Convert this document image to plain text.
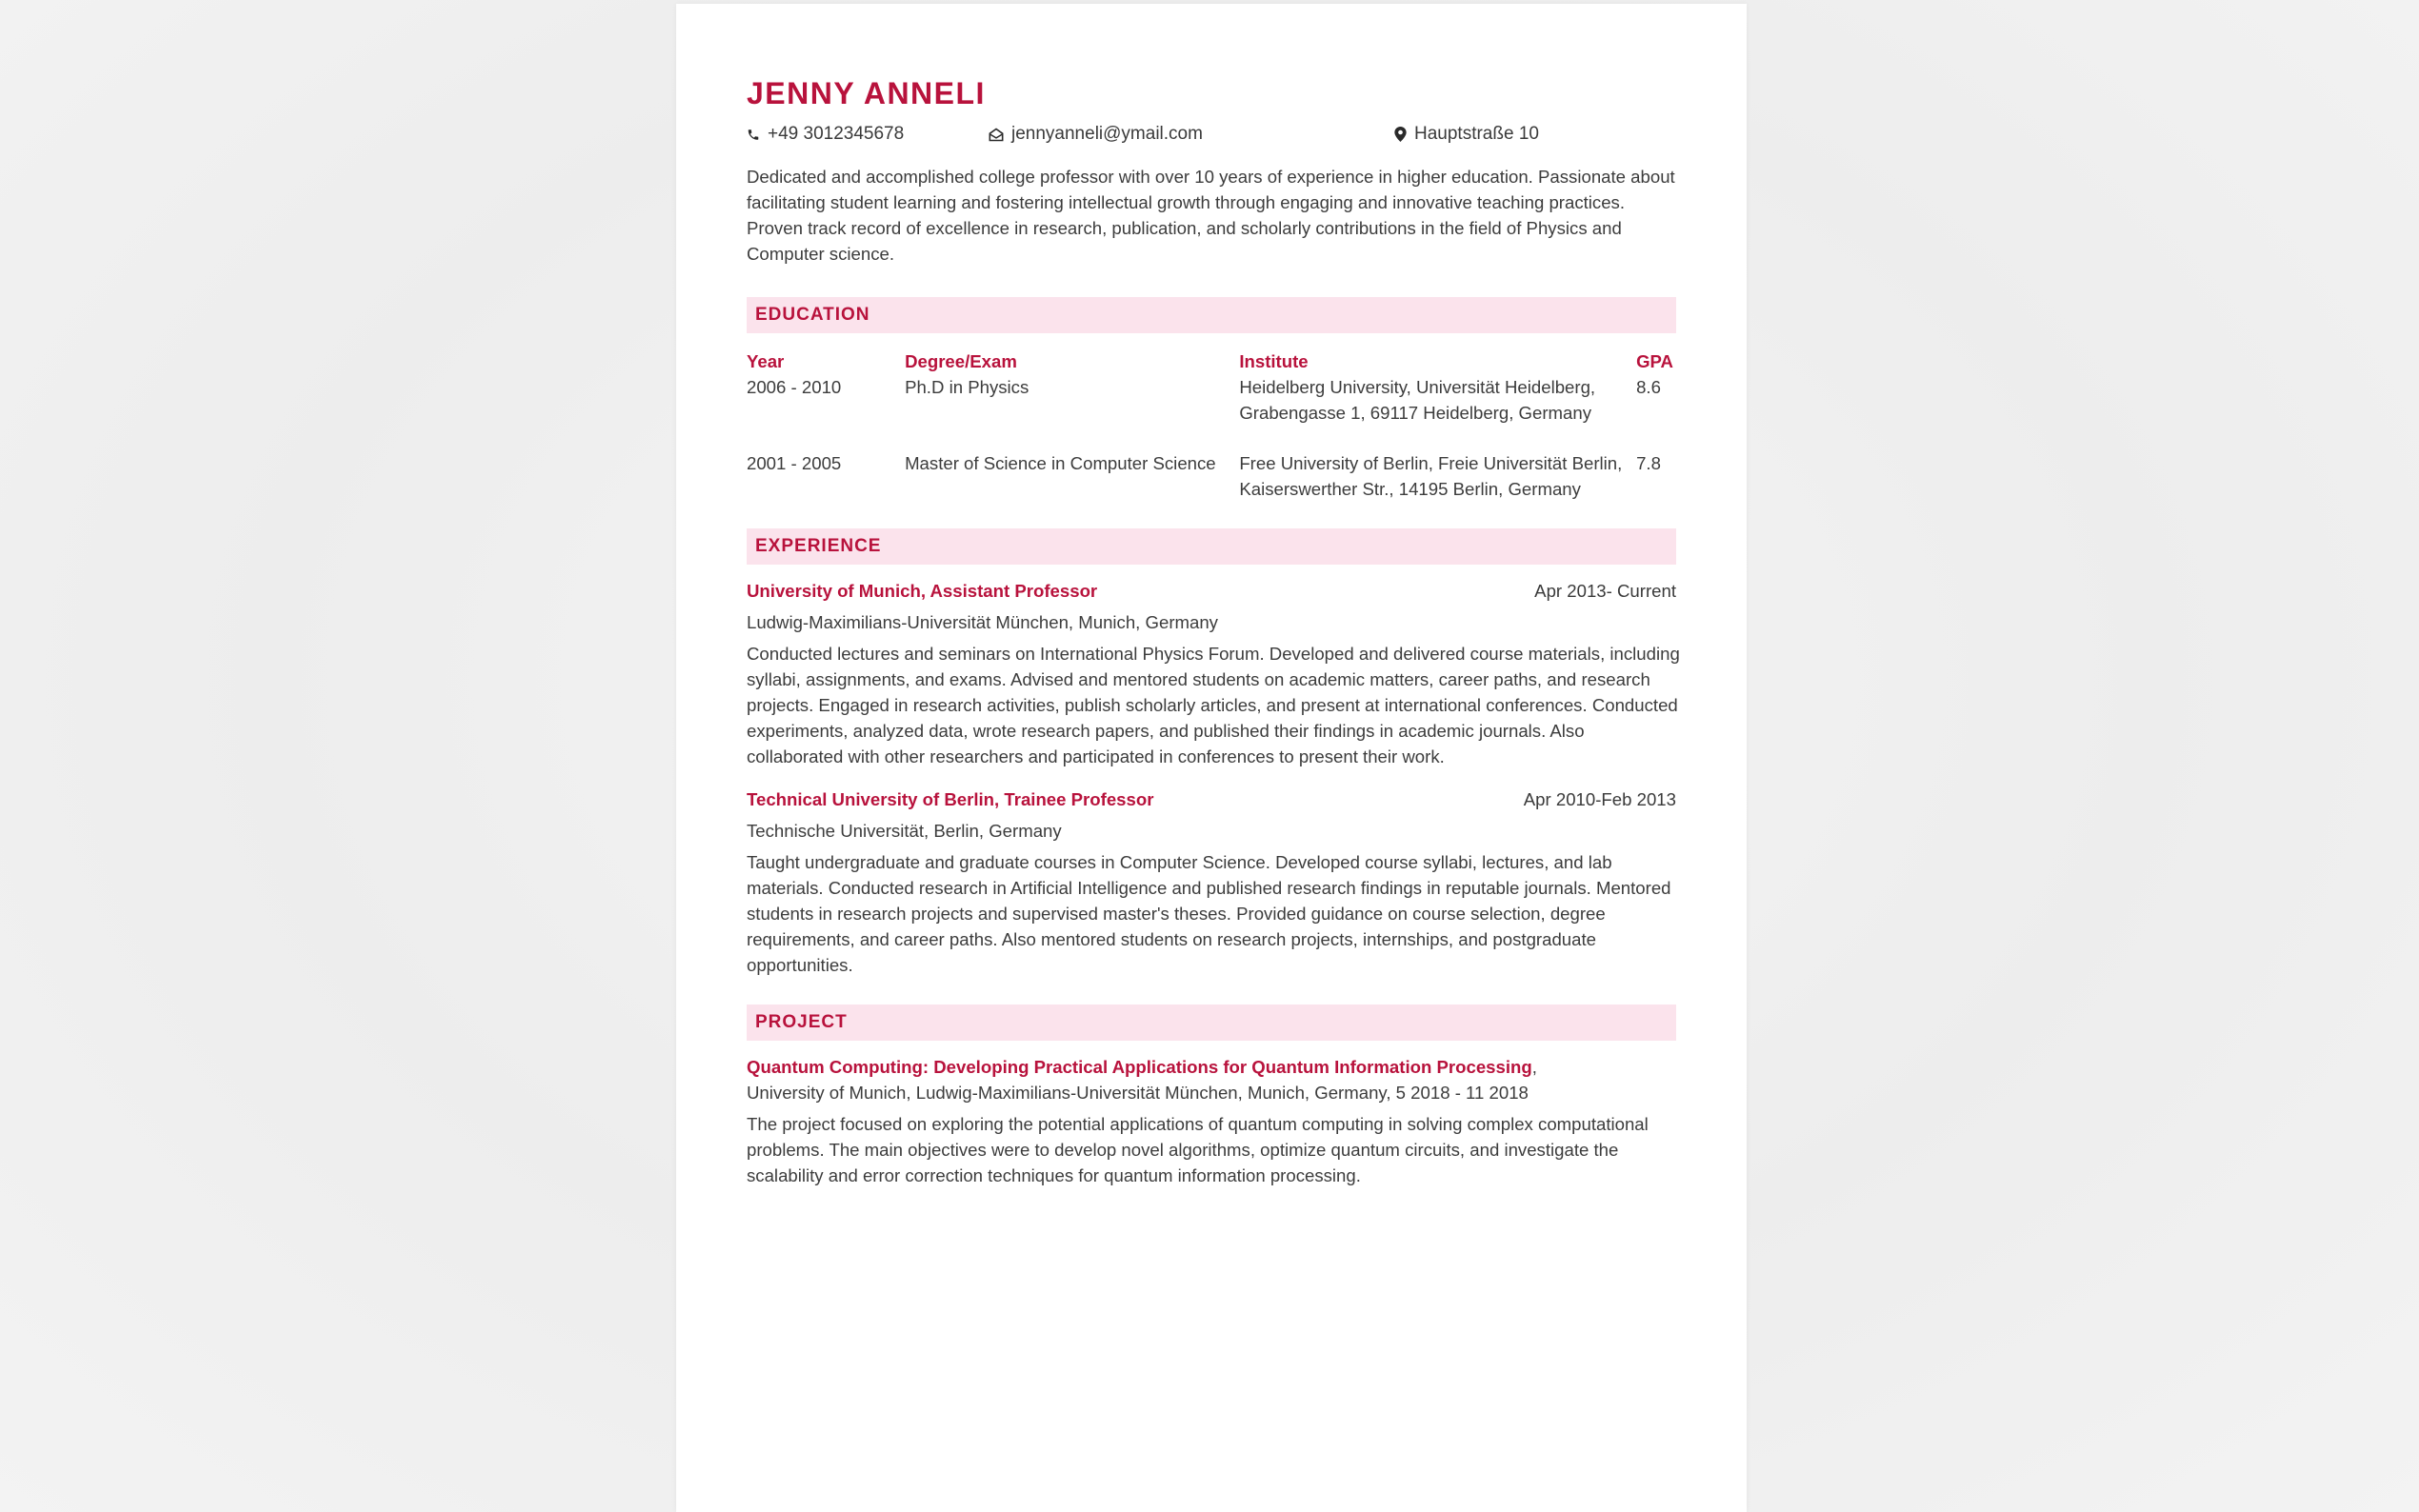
JENNY ANNELI
+49 3012345678	jennyanneli@ymail.com	Hauptstraße 10

Dedicated and accomplished college professor with over 10 years of experience in higher education. Passionate about facilitating student learning and fostering intellectual growth through engaging and innovative teaching practices. Proven track record of excellence in research, publication, and scholarly contributions in the field of Physics and Computer science.

EDUCATION
Year	Degree/Exam	Institute	GPA
2006 - 2010	Ph.D in Physics	Heidelberg University, Universität Heidelberg, Grabengasse 1, 69117 Heidelberg, Germany	8.6
2001 - 2005	Master of Science in Computer Science	Free University of Berlin, Freie Universität Berlin, Kaiserswerther Str., 14195 Berlin, Germany	7.8
EXPERIENCE
University of Munich, Assistant Professor	Apr 2013- Current
Ludwig-Maximilians-Universität München, Munich, Germany
Conducted lectures and seminars on International Physics Forum. Developed and delivered course materials, including syllabi, assignments, and exams. Advised and mentored students on academic matters, career paths, and research projects. Engaged in research activities, publish scholarly articles, and present at international conferences. Conducted experiments, analyzed data, wrote research papers, and published their findings in academic journals. Also collaborated with other researchers and participated in conferences to present their work.
Technical University of Berlin, Trainee Professor	Apr 2010-Feb 2013
Technische Universität, Berlin, Germany
Taught undergraduate and graduate courses in Computer Science. Developed course syllabi, lectures, and lab materials. Conducted research in Artificial Intelligence and published research findings in reputable journals. Mentored students in research projects and supervised master's theses. Provided guidance on course selection, degree requirements, and career paths. Also mentored students on research projects, internships, and postgraduate opportunities.
PROJECT
Quantum Computing: Developing Practical Applications for Quantum Information Processing,
University of Munich, Ludwig-Maximilians-Universität München, Munich, Germany, 5 2018 - 11 2018
The project focused on exploring the potential applications of quantum computing in solving complex computational problems. The main objectives were to develop novel algorithms, optimize quantum circuits, and investigate the scalability and error correction techniques for quantum information processing.
